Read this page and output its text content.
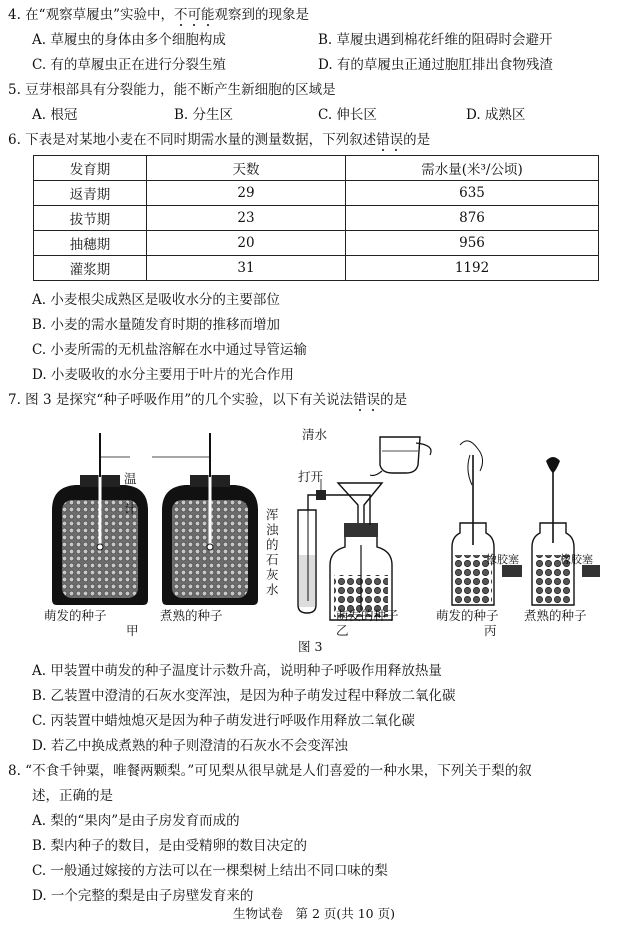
4. 在“观察草履虫”实验中，不可能观察到的现象是
A. 草履虫的身体由多个细胞构成	B. 草履虫遇到棉花纤维的阻碍时会避开
C. 有的草履虫正在进行分裂生殖	D. 有的草履虫正通过胞肛排出食物残渣
5. 豆芽根部具有分裂能力，能不断产生新细胞的区域是
A. 根冠	B. 分生区	C. 伸长区	D. 成熟区
6. 下表是对某地小麦在不同时期需水量的测量数据，下列叙述错误的是
发育期	天数	需水量(米³/公顷)
返青期	29	635
拔节期	23	876
抽穗期	20	956
灌浆期	31	1192
A. 小麦根尖成熟区是吸收水分的主要部位
B. 小麦的需水量随发育时期的推移而增加
C. 小麦所需的无机盐溶解在水中通过导管运输
D. 小麦吸收的水分主要用于叶片的光合作用
7. 图 3 是探究“种子呼吸作用”的几个实验，以下有关说法错误的是
温度计
萌发的种子	煮熟的种子
甲
清水
打开
浑浊的石灰水
萌发的种子
乙
图 3
萌发的种子 煮熟的种子
丙
橡胶塞	橡胶塞
A. 甲装置中萌发的种子温度计示数升高，说明种子呼吸作用释放热量
B. 乙装置中澄清的石灰水变浑浊，是因为种子萌发过程中释放二氧化碳
C. 丙装置中蜡烛熄灭是因为种子萌发进行呼吸作用释放二氧化碳
D. 若乙中换成煮熟的种子则澄清的石灰水不会变浑浊
8. “不食千钟粟，唯餐两颗梨。”可见梨从很早就是人们喜爱的一种水果，下列关于梨的叙
述，正确的是
A. 梨的“果肉”是由子房发育而成的
B. 梨内种子的数目，是由受精卵的数目决定的
C. 一般通过嫁接的方法可以在一棵梨树上结出不同口味的梨
D. 一个完整的梨是由子房壁发育来的
生物试卷　第 2 页(共 10 页)
